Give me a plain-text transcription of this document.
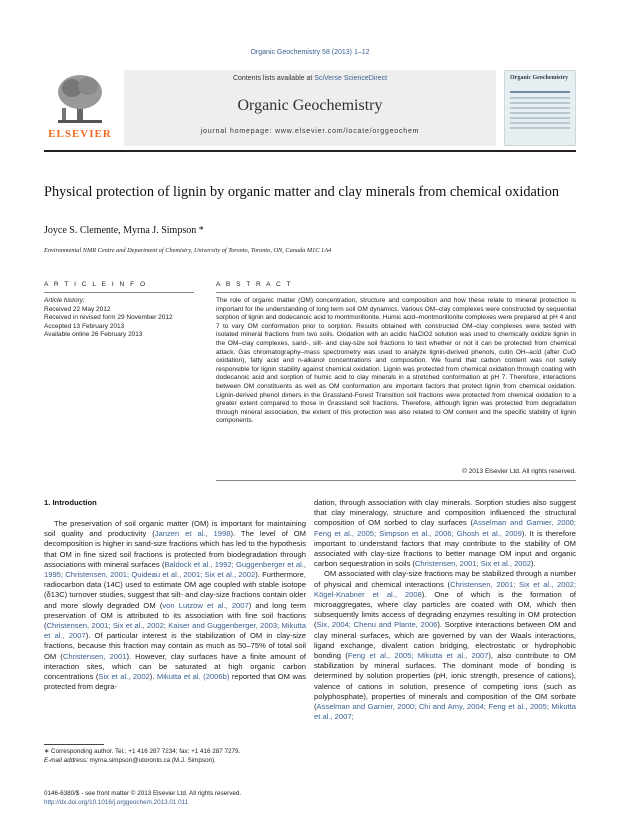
Organic Geochemistry 58 (2013) 1–12
ELSEVIER
Contents lists available at SciVerse ScienceDirect
Organic Geochemistry
journal homepage: www.elsevier.com/locate/orggeochem
Organic Geochemistry
Physical protection of lignin by organic matter and clay minerals from chemical oxidation
Joyce S. Clemente, Myrna J. Simpson *
Environmental NMR Centre and Department of Chemistry, University of Toronto, Toronto, ON, Canada M1C 1A4
A R T I C L E I N F O	A B S T R A C T
Article history:
Received 22 May 2012
Received in revised form 29 November 2012
Accepted 13 February 2013
Available online 26 February 2013
The role of organic matter (OM) concentration, structure and composition and how these relate to mineral protection is important for the understanding of long term soil OM dynamics. Various OM–clay complexes were constructed by sequential sorption of lignin and dodecanoic acid to montmorillonite. Humic acid–montmorillonite complexes were prepared at pH 4 and 7 to vary OM conformation prior to sorption. Results obtained with constructed OM–clay complexes were tested with isolated mineral fractions from two soils. Oxidation with an acidic NaClO2 solution was used to chemically oxidize lignin in the OM–clay complexes, sand-, silt- and clay-size soil fractions to test whether or not it can be protected from chemical attack. Gas chromatography–mass spectrometry was used to analyze lignin-derived phenols, cutin OH–acid (after CuO oxidation), fatty acid and n-alkanol concentrations and composition. We found that carbon content was not solely responsible for lignin stability against chemical oxidation. Lignin was protected from chemical oxidation through coating with dodecanoic acid and sorption of humic acid to clay minerals in a stretched conformation at pH 7. Therefore, interactions between OM constituents as well as OM conformation are important factors that protect lignin from chemical oxidation. Lignin-derived phenol dimers in the Grassland-Forest Transition soil fractions were protected from chemical oxidation to a greater extent compared to those in Grassland soil fractions. Therefore, although lignin was protected from degradation through mineral association, the extent of this protection was also related to OM content and the specific stability of lignin components.
© 2013 Elsevier Ltd. All rights reserved.
1. Introduction

The preservation of soil organic matter (OM) is important for maintaining soil quality and productivity (Janzen et al., 1998). The level of OM decomposition is higher in sand-size fractions which has led to the hypothesis that OM in fine sized soil fractions is protected from biodegradation through associations with mineral surfaces (Baldock et al., 1992; Guggenberger et al., 1995; Christensen, 2001; Quideau et al., 2001; Six et al., 2002). Furthermore, radiocarbon data (14C) used to estimate OM age coupled with stable isotope (δ13C) turnover studies, suggest that silt- and clay-size fractions contain older and more slowly degraded OM (von Lutzow et al., 2007) and long term preservation of OM is attributed to its association with fine soil fractions (Christensen, 2001; Six et al., 2002; Kaiser and Guggenberger, 2003; Mikutta et al., 2007). Of particular interest is the stabilization of OM in clay-size fractions, because this fraction may contain as much as 50–75% of total soil OM (Christensen, 2001). However, clay surfaces have a finite amount of interaction sites, which can be saturated at high organic carbon concentrations (Six et al., 2002). Mikutta et al. (2006b) reported that OM was protected from degra-

dation, through association with clay minerals. Sorption studies also suggest that clay mineralogy, structure and composition influenced the structural composition of OM sorbed to clay surfaces (Asselman and Garnier, 2000; Feng et al., 2005; Simpson et al., 2006; Ghosh et al., 2009). It is therefore important to understand factors that may contribute to the stability of OM associated with clay-size fractions to better manage OM input and organic carbon sequestration in soils (Christensen, 2001; Six et al., 2002).

OM associated with clay-size fractions may be stabilized through a number of physical and chemical interactions (Christensen, 2001; Six et al., 2002; Kögel-Knabner et al., 2008). One of which is the formation of microaggregates, where clay particles are coated with OM, which then subsequently limits access of degrading enzymes resulting in OM protection (Six, 2004; Chenu and Plante, 2006). Sorptive interactions between OM and clay mineral surfaces, which are governed by van der Waals interactions, ligand exchange, divalent cation bridging, electrostatic or hydrophobic bonding (Feng et al., 2005; Mikutta et al., 2007), also contribute to OM stabilization by mineral surfaces. The dominant mode of bonding is determined by solution properties (pH, ionic strength, presence of cations), valence of cations in solution, presence of competing ions (such as polyphosphate), properties of minerals and composition of the OM sorbate (Asselman and Garnier, 2000; Chi and Amy, 2004; Feng et al., 2005; Mikutta et al., 2007;

∗ Corresponding author. Tel.: +1 416 287 7234; fax: +1 416 287 7279.
E-mail address: myrna.simpson@utoronto.ca (M.J. Simpson).
0146-6380/$ - see front matter © 2013 Elsevier Ltd. All rights reserved.
http://dx.doi.org/10.1016/j.orggeochem.2013.01.011
